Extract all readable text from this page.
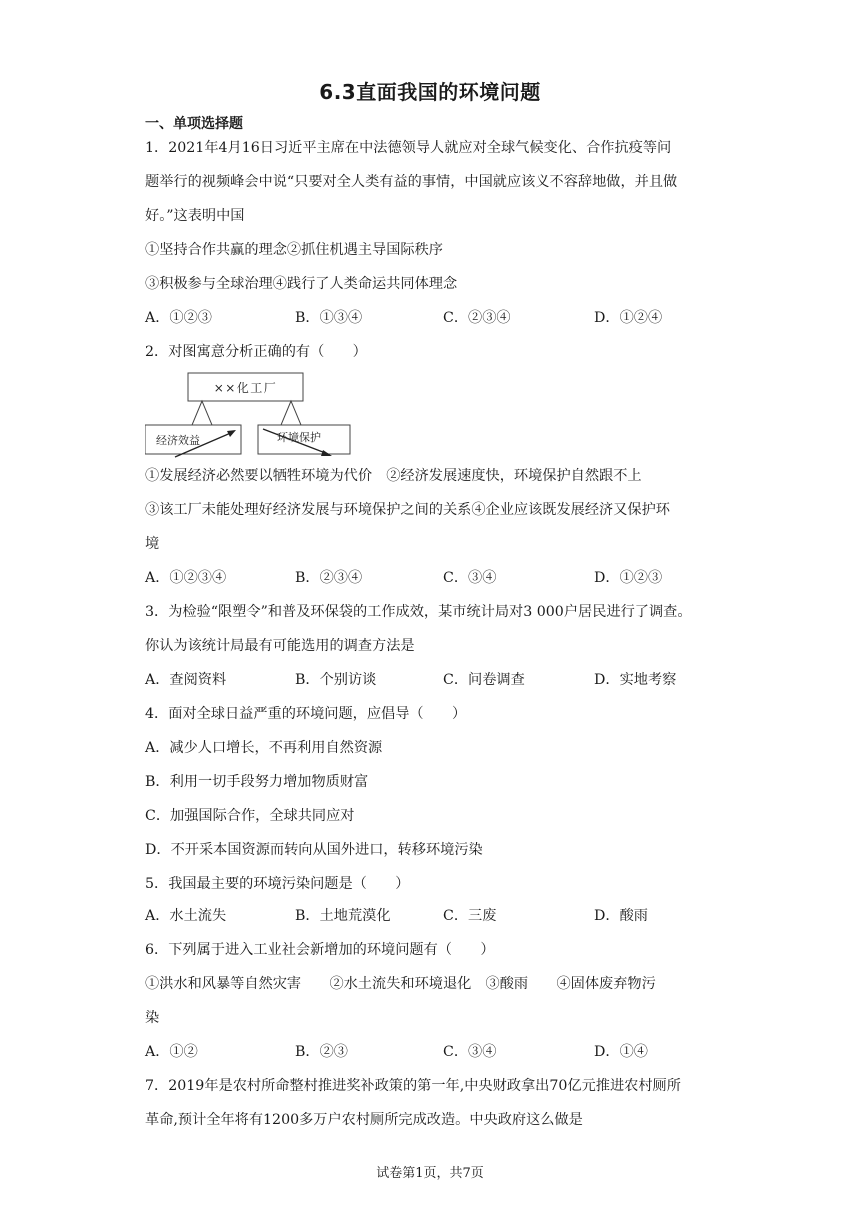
6.3直面我国的环境问题
一、单项选择题
1．2021年4月16日习近平主席在中法德领导人就应对全球气候变化、合作抗疫等问
题举行的视频峰会中说“只要对全人类有益的事情，中国就应该义不容辞地做，并且做
好。”这表明中国
①坚持合作共赢的理念②抓住机遇主导国际秩序
③积极参与全球治理④践行了人类命运共同体理念
A．①②③	B．①③④	C．②③④	D．①②④
2．对图寓意分析正确的有（　　）
××化工厂
经济效益	环境保护
①发展经济必然要以牺牲环境为代价　②经济发展速度快，环境保护自然跟不上
③该工厂未能处理好经济发展与环境保护之间的关系④企业应该既发展经济又保护环
境
A．①②③④	B．②③④	C．③④	D．①②③
3．为检验“限塑令”和普及环保袋的工作成效，某市统计局对3 000户居民进行了调查。
你认为该统计局最有可能选用的调查方法是
A．查阅资料	B．个别访谈	C．问卷调查	D．实地考察
4．面对全球日益严重的环境问题，应倡导（　　）
A．减少人口增长，不再利用自然资源
B．利用一切手段努力增加物质财富
C．加强国际合作，全球共同应对
D．不开采本国资源而转向从国外进口，转移环境污染
5．我国最主要的环境污染问题是（　　）
A．水土流失	B．土地荒漠化	C．三废	D．酸雨
6．下列属于进入工业社会新增加的环境问题有（　　）
①洪水和风暴等自然灾害　　②水土流失和环境退化　③酸雨　　④固体废弃物污
染
A．①②	B．②③	C．③④	D．①④
7．2019年是农村所命整村推进奖补政策的第一年,中央财政拿出70亿元推进农村厕所
革命,预计全年将有1200多万户农村厕所完成改造。中央政府这么做是
试卷第1页，共7页
